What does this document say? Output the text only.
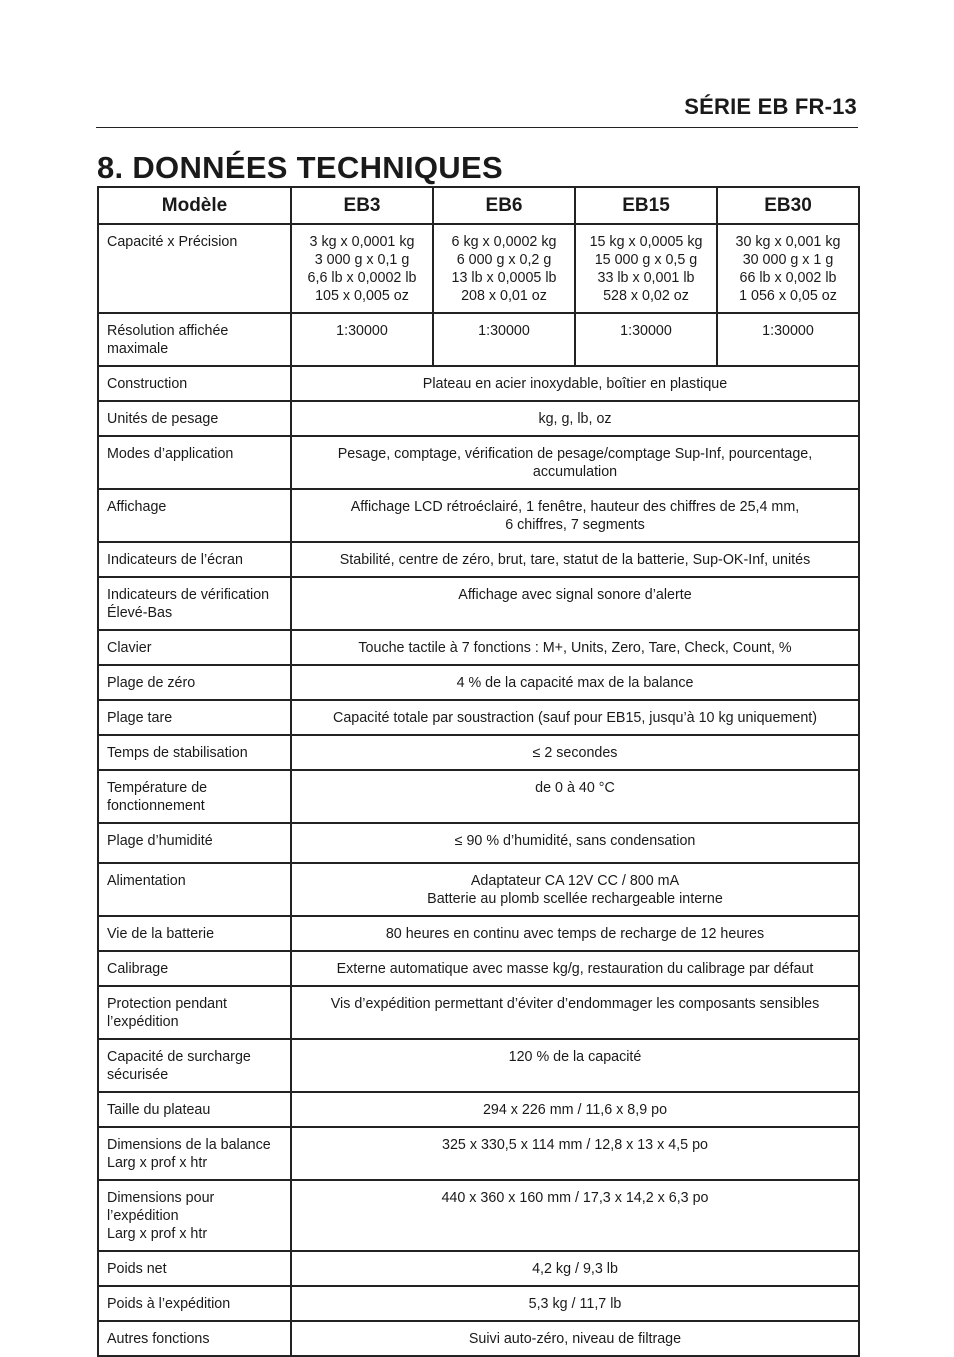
SÉRIE EB FR-13
8. DONNÉES TECHNIQUES
Modèle	EB3	EB6	EB15	EB30
Capacité x Précision	3 kg x 0,0001 kg
3 000 g x 0,1 g
6,6 lb x 0,0002 lb
105 x 0,005 oz	6 kg x 0,0002 kg
6 000 g x 0,2 g
13 lb x 0,0005 lb
208 x 0,01 oz	15 kg x 0,0005 kg
15 000 g x 0,5 g
33 lb x 0,001 lb
528 x 0,02 oz	30 kg x 0,001 kg
30 000 g x 1 g
66 lb x 0,002 lb
1 056 x 0,05 oz
Résolution affichée
maximale	1:30000	1:30000	1:30000	1:30000
Construction	Plateau en acier inoxydable, boîtier en plastique			
Unités de pesage	kg, g, lb, oz			
Modes d’application	Pesage, comptage, vérification de pesage/comptage Sup-Inf, pourcentage, accumulation			
Affichage	Affichage LCD rétroéclairé, 1 fenêtre, hauteur des chiffres de 25,4 mm,
6 chiffres, 7 segments			
Indicateurs de l’écran	Stabilité, centre de zéro, brut, tare, statut de la batterie, Sup-OK-Inf, unités			
Indicateurs de vérification
Élevé-Bas	Affichage avec signal sonore d’alerte			
Clavier	Touche tactile à 7 fonctions : M+, Units, Zero, Tare, Check, Count, %			
Plage de zéro	4 % de la capacité max de la balance			
Plage tare	Capacité totale par soustraction (sauf pour EB15, jusqu’à 10 kg uniquement)			
Temps de stabilisation	≤ 2 secondes			
Température de
fonctionnement	de 0 à 40 °C			
Plage d’humidité	≤ 90 % d’humidité, sans condensation			
Alimentation	Adaptateur CA 12V CC / 800 mA
Batterie au plomb scellée rechargeable interne			
Vie de la batterie	80 heures en continu avec temps de recharge de 12 heures			
Calibrage	Externe automatique avec masse kg/g, restauration du calibrage par défaut			
Protection pendant
l’expédition	Vis d’expédition permettant d’éviter d’endommager les composants sensibles			
Capacité de surcharge
sécurisée	120 % de la capacité			
Taille du plateau	294 x 226 mm / 11,6 x 8,9 po			
Dimensions de la balance
Larg x prof x htr	325 x 330,5 x 114 mm / 12,8 x 13 x 4,5 po			
Dimensions pour l’expédition
Larg x prof x htr	440 x 360 x 160 mm / 17,3 x 14,2 x 6,3 po			
Poids net	4,2 kg / 9,3 lb			
Poids à l’expédition	5,3 kg / 11,7 lb			
Autres fonctions	Suivi auto-zéro, niveau de filtrage			
